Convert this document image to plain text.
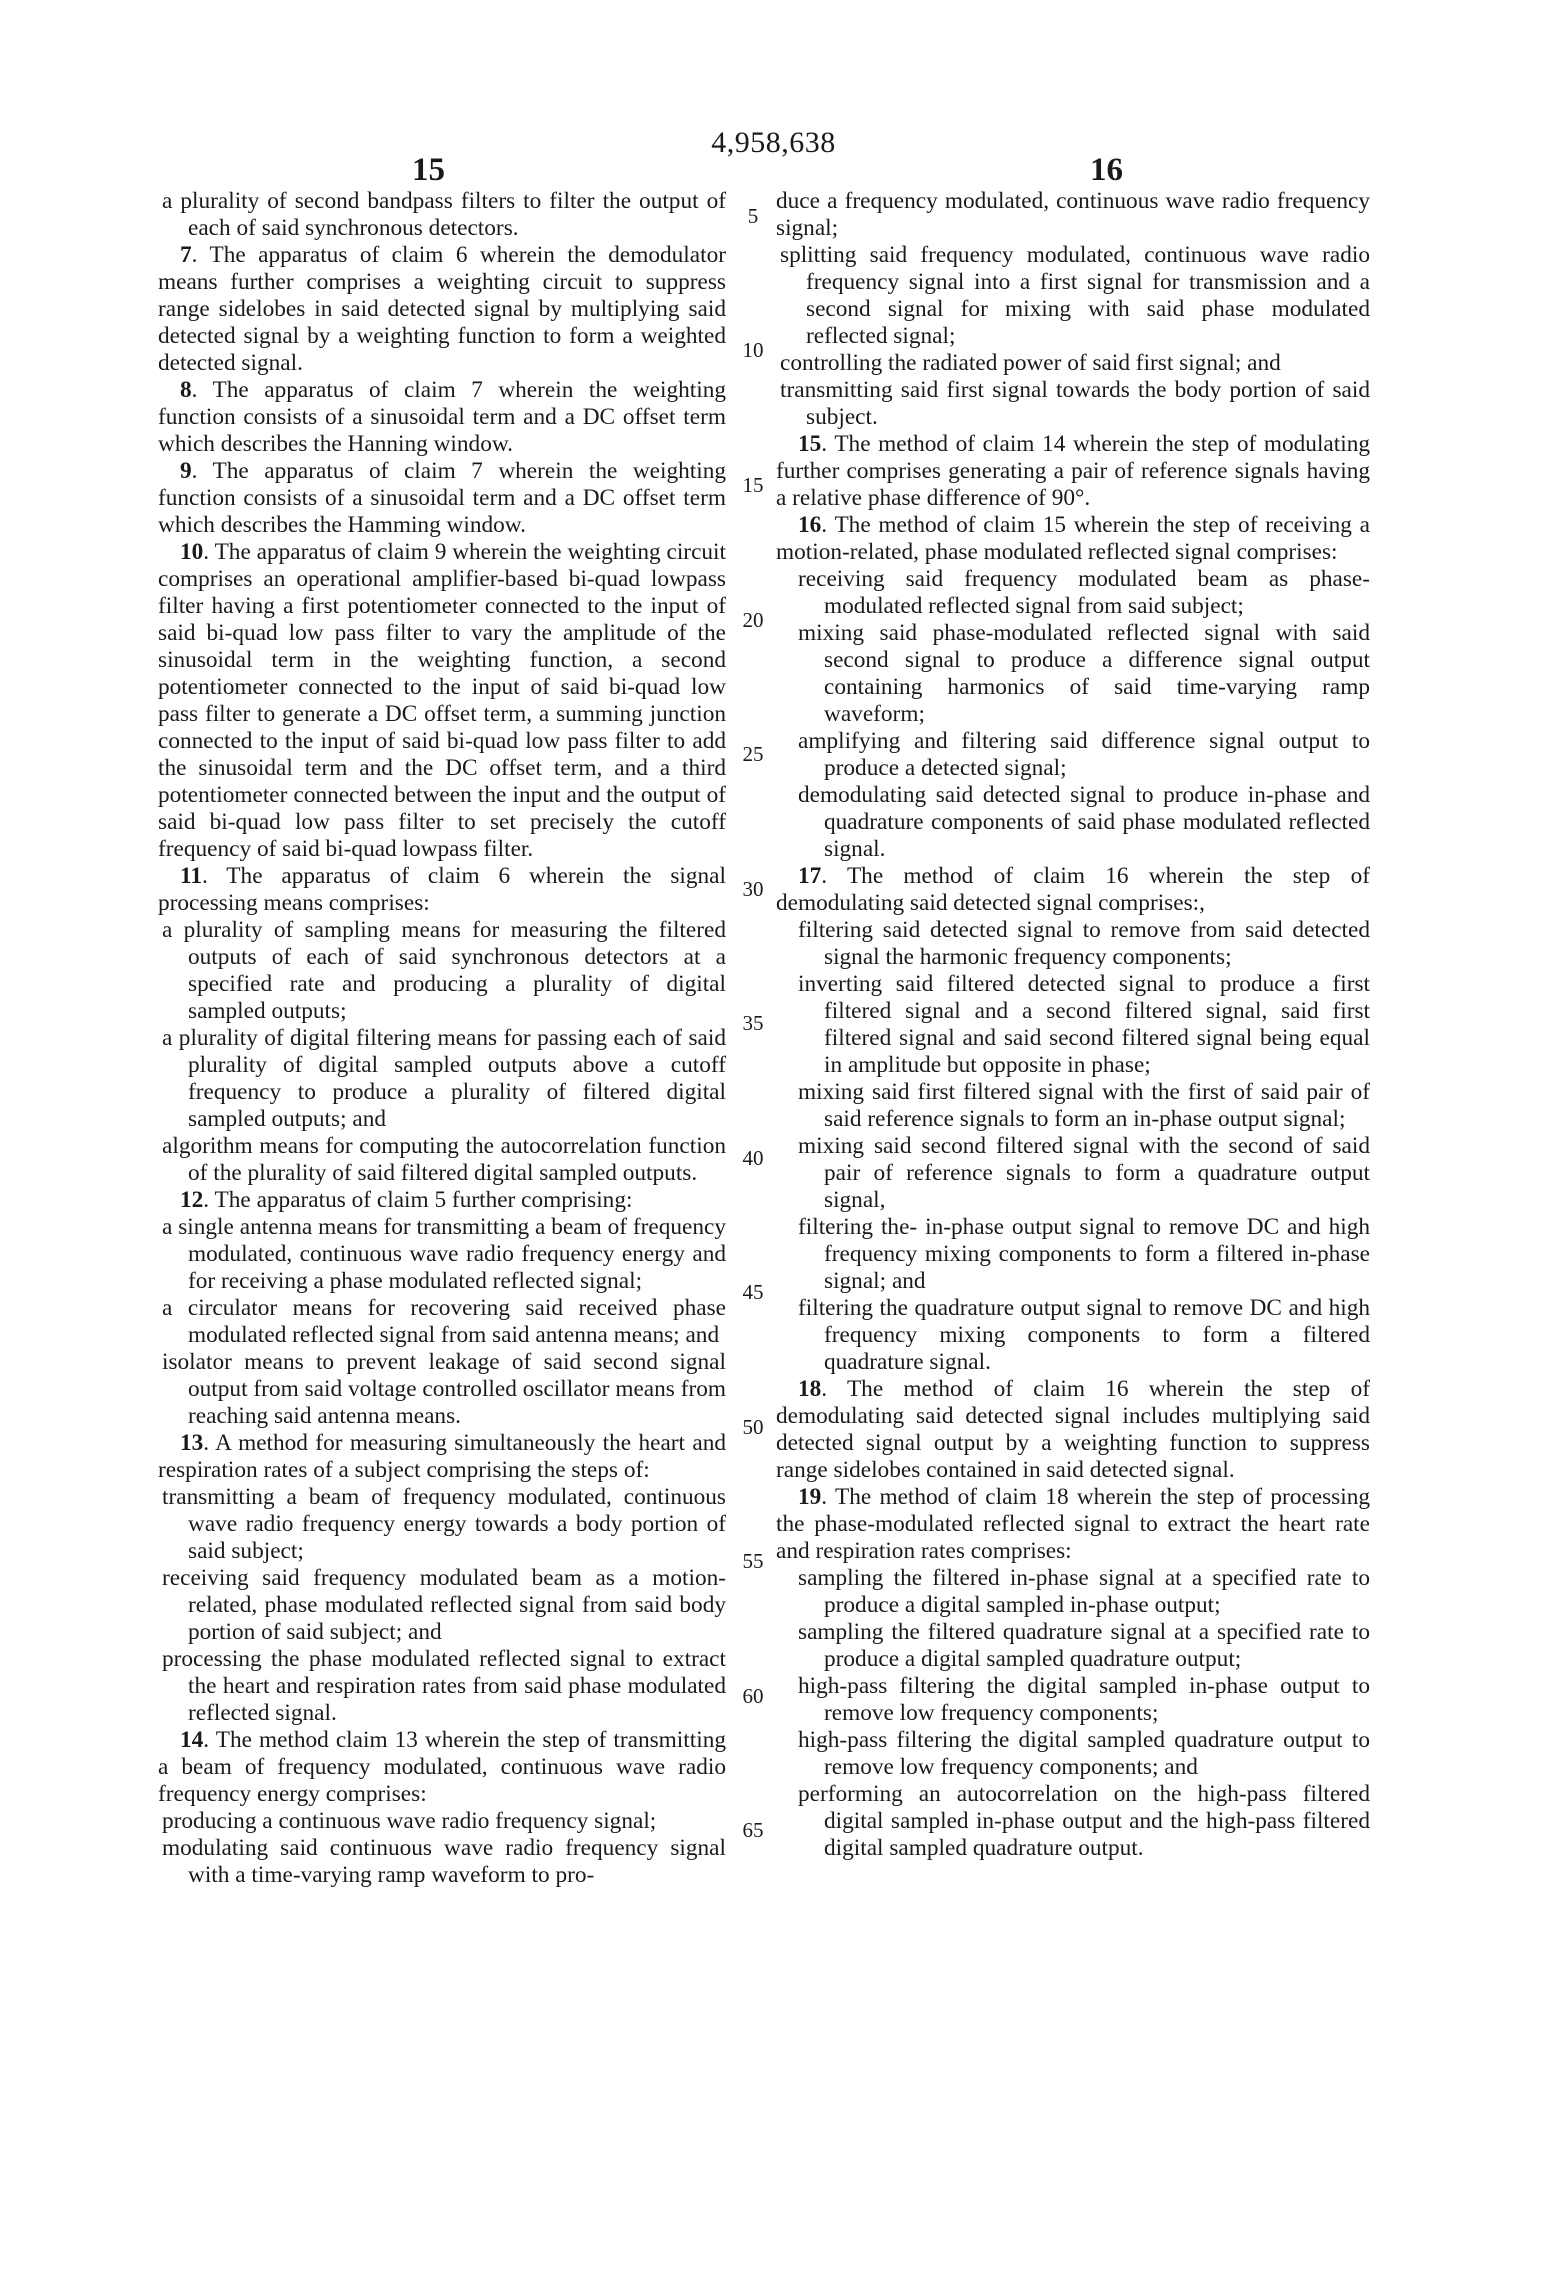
4,958,638
15	16

a plurality of second bandpass filters to filter the output of each of said synchronous detectors.

7. The apparatus of claim 6 wherein the demodulator means further comprises a weighting circuit to suppress range sidelobes in said detected signal by multiplying said detected signal by a weighting function to form a weighted detected signal.

8. The apparatus of claim 7 wherein the weighting function consists of a sinusoidal term and a DC offset term which describes the Hanning window.

9. The apparatus of claim 7 wherein the weighting function consists of a sinusoidal term and a DC offset term which describes the Hamming window.

10. The apparatus of claim 9 wherein the weighting circuit comprises an operational amplifier-based bi-quad lowpass filter having a first potentiometer connected to the input of said bi-quad low pass filter to vary the amplitude of the sinusoidal term in the weighting function, a second potentiometer connected to the input of said bi-quad low pass filter to generate a DC offset term, a summing junction connected to the input of said bi-quad low pass filter to add the sinusoidal term and the DC offset term, and a third potentiometer connected between the input and the output of said bi-quad low pass filter to set precisely the cutoff frequency of said bi-quad lowpass filter.

11. The apparatus of claim 6 wherein the signal processing means comprises:

a plurality of sampling means for measuring the filtered outputs of each of said synchronous detectors at a specified rate and producing a plurality of digital sampled outputs;

a plurality of digital filtering means for passing each of said plurality of digital sampled outputs above a cutoff frequency to produce a plurality of filtered digital sampled outputs; and

algorithm means for computing the autocorrelation function of the plurality of said filtered digital sampled outputs.

12. The apparatus of claim 5 further comprising:

a single antenna means for transmitting a beam of frequency modulated, continuous wave radio frequency energy and for receiving a phase modulated reflected signal;

a circulator means for recovering said received phase modulated reflected signal from said antenna means; and

isolator means to prevent leakage of said second signal output from said voltage controlled oscillator means from reaching said antenna means.

13. A method for measuring simultaneously the heart and respiration rates of a subject comprising the steps of:

transmitting a beam of frequency modulated, continuous wave radio frequency energy towards a body portion of said subject;

receiving said frequency modulated beam as a motion-related, phase modulated reflected signal from said body portion of said subject; and

processing the phase modulated reflected signal to extract the heart and respiration rates from said phase modulated reflected signal.

14. The method claim 13 wherein the step of transmitting a beam of frequency modulated, continuous wave radio frequency energy comprises:

producing a continuous wave radio frequency signal;

modulating said continuous wave radio frequency signal with a time-varying ramp waveform to pro-

duce a frequency modulated, continuous wave radio frequency signal;

splitting said frequency modulated, continuous wave radio frequency signal into a first signal for transmission and a second signal for mixing with said phase modulated reflected signal;

controlling the radiated power of said first signal; and

transmitting said first signal towards the body portion of said subject.

15. The method of claim 14 wherein the step of modulating further comprises generating a pair of reference signals having a relative phase difference of 90°.

16. The method of claim 15 wherein the step of receiving a motion-related, phase modulated reflected signal comprises:

receiving said frequency modulated beam as phase-modulated reflected signal from said subject;

mixing said phase-modulated reflected signal with said second signal to produce a difference signal output containing harmonics of said time-varying ramp waveform;

amplifying and filtering said difference signal output to produce a detected signal;

demodulating said detected signal to produce in-phase and quadrature components of said phase modulated reflected signal.

17. The method of claim 16 wherein the step of demodulating said detected signal comprises:,

filtering said detected signal to remove from said detected signal the harmonic frequency components;

inverting said filtered detected signal to produce a first filtered signal and a second filtered signal, said first filtered signal and said second filtered signal being equal in amplitude but opposite in phase;

mixing said first filtered signal with the first of said pair of said reference signals to form an in-phase output signal;

mixing said second filtered signal with the second of said pair of reference signals to form a quadrature output signal,

filtering the- in-phase output signal to remove DC and high frequency mixing components to form a filtered in-phase signal; and

filtering the quadrature output signal to remove DC and high frequency mixing components to form a filtered quadrature signal.

18. The method of claim 16 wherein the step of demodulating said detected signal includes multiplying said detected signal output by a weighting function to suppress range sidelobes contained in said detected signal.

19. The method of claim 18 wherein the step of processing the phase-modulated reflected signal to extract the heart rate and respiration rates comprises:

sampling the filtered in-phase signal at a specified rate to produce a digital sampled in-phase output;

sampling the filtered quadrature signal at a specified rate to produce a digital sampled quadrature output;

high-pass filtering the digital sampled in-phase output to remove low frequency components;

high-pass filtering the digital sampled quadrature output to remove low frequency components; and

performing an autocorrelation on the high-pass filtered digital sampled in-phase output and the high-pass filtered digital sampled quadrature output.

5
10
15
20
25
30
35
40
45
50
55
60
65
